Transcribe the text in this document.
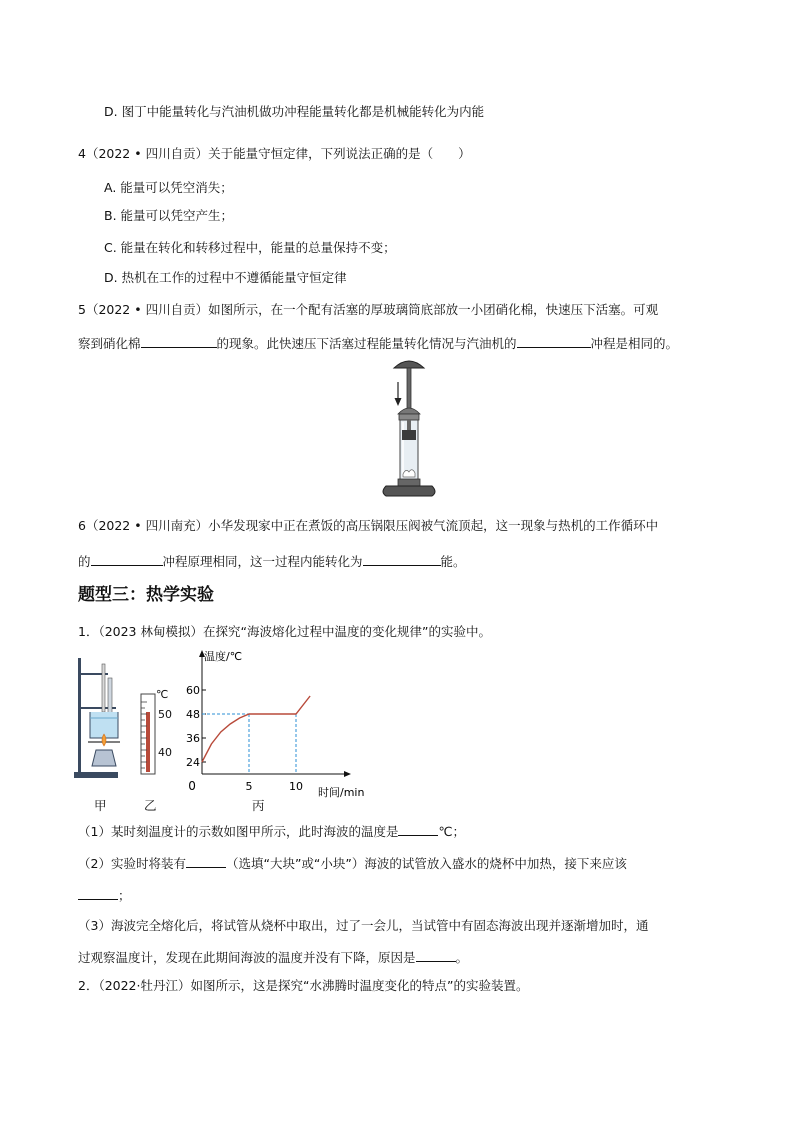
D. 图丁中能量转化与汽油机做功冲程能量转化都是机械能转化为内能
4（2022 • 四川自贡）关于能量守恒定律，下列说法正确的是（　　）
A. 能量可以凭空消失；
B. 能量可以凭空产生；
C. 能量在转化和转移过程中，能量的总量保持不变；
D. 热机在工作的过程中不遵循能量守恒定律
5（2022 • 四川自贡）如图所示，在一个配有活塞的厚玻璃筒底部放一小团硝化棉，快速压下活塞。可观
察到硝化棉	的现象。此快速压下活塞过程能量转化情况与汽油机的	冲程是相同的。
6（2022 • 四川南充）小华发现家中正在煮饭的高压锅限压阀被气流顶起，这一现象与热机的工作循环中
的	冲程原理相同，这一过程内能转化为	能。
题型三：热学实验
1．（2023 林甸模拟）在探究“海波熔化过程中温度的变化规律”的实验中。
℃
50
40
甲	乙	丙
温度/℃
时间/min
24
36
48
60
0	5	10
（1）某时刻温度计的示数如图甲所示，此时海波的温度是	℃；
（2）实验时将装有	（选填“大块”或“小块”）海波的试管放入盛水的烧杯中加热，接下来应该
；
（3）海波完全熔化后，将试管从烧杯中取出，过了一会儿，当试管中有固态海波出现并逐渐增加时，通
过观察温度计，发现在此期间海波的温度并没有下降，原因是	。
2．（2022·牡丹江）如图所示，这是探究“水沸腾时温度变化的特点”的实验装置。
